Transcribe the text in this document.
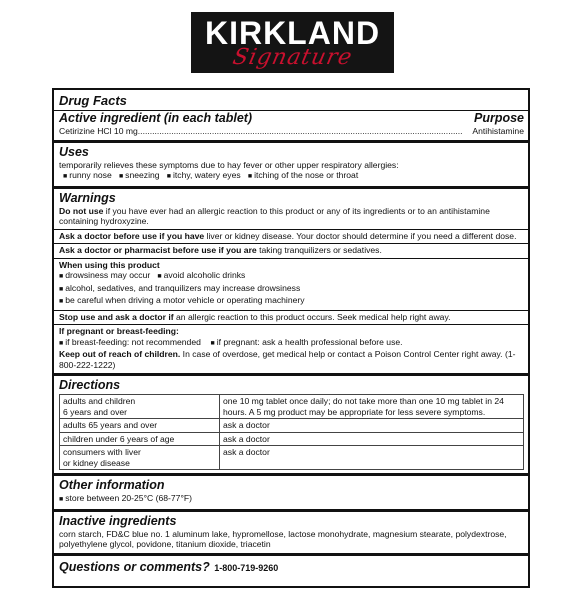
KIRKLAND
Signature
Drug Facts
Active ingredient (in each tablet)	Purpose
Cetirizine HCl 10 mg........................................................................................................................................	Antihistamine
Uses
temporarily relieves these symptoms due to hay fever or other upper respiratory allergies:
■ runny nose ■ sneezing ■ itchy, watery eyes ■ itching of the nose or throat
Warnings
Do not use if you have ever had an allergic reaction to this product or any of its ingredients or to an antihistamine containing hydroxyzine.
Ask a doctor before use if you have liver or kidney disease. Your doctor should determine if you need a different dose.
Ask a doctor or pharmacist before use if you are taking tranquilizers or sedatives.
When using this product
■ drowsiness may occur ■ avoid alcoholic drinks
■ alcohol, sedatives, and tranquilizers may increase drowsiness
■ be careful when driving a motor vehicle or operating machinery
Stop use and ask a doctor if an allergic reaction to this product occurs. Seek medical help right away.
If pregnant or breast-feeding:
■ if breast-feeding: not recommended ■ if pregnant: ask a health professional before use.
Keep out of reach of children. In case of overdose, get medical help or contact a Poison Control Center right away. (1-800-222-1222)
Directions
adults and children
6 years and over	one 10 mg tablet once daily; do not take more than one 10 mg tablet in 24 hours. A 5 mg product may be appropriate for less severe symptoms.
adults 65 years and over	ask a doctor
children under 6 years of age	ask a doctor
consumers with liver
or kidney disease	ask a doctor
Other information
■ store between 20-25°C (68-77°F)
Inactive ingredients
corn starch, FD&C blue no. 1 aluminum lake, hypromellose, lactose monohydrate, magnesium stearate, polydextrose, polyethylene glycol, povidone, titanium dioxide, triacetin
Questions or comments? 1-800-719-9260
